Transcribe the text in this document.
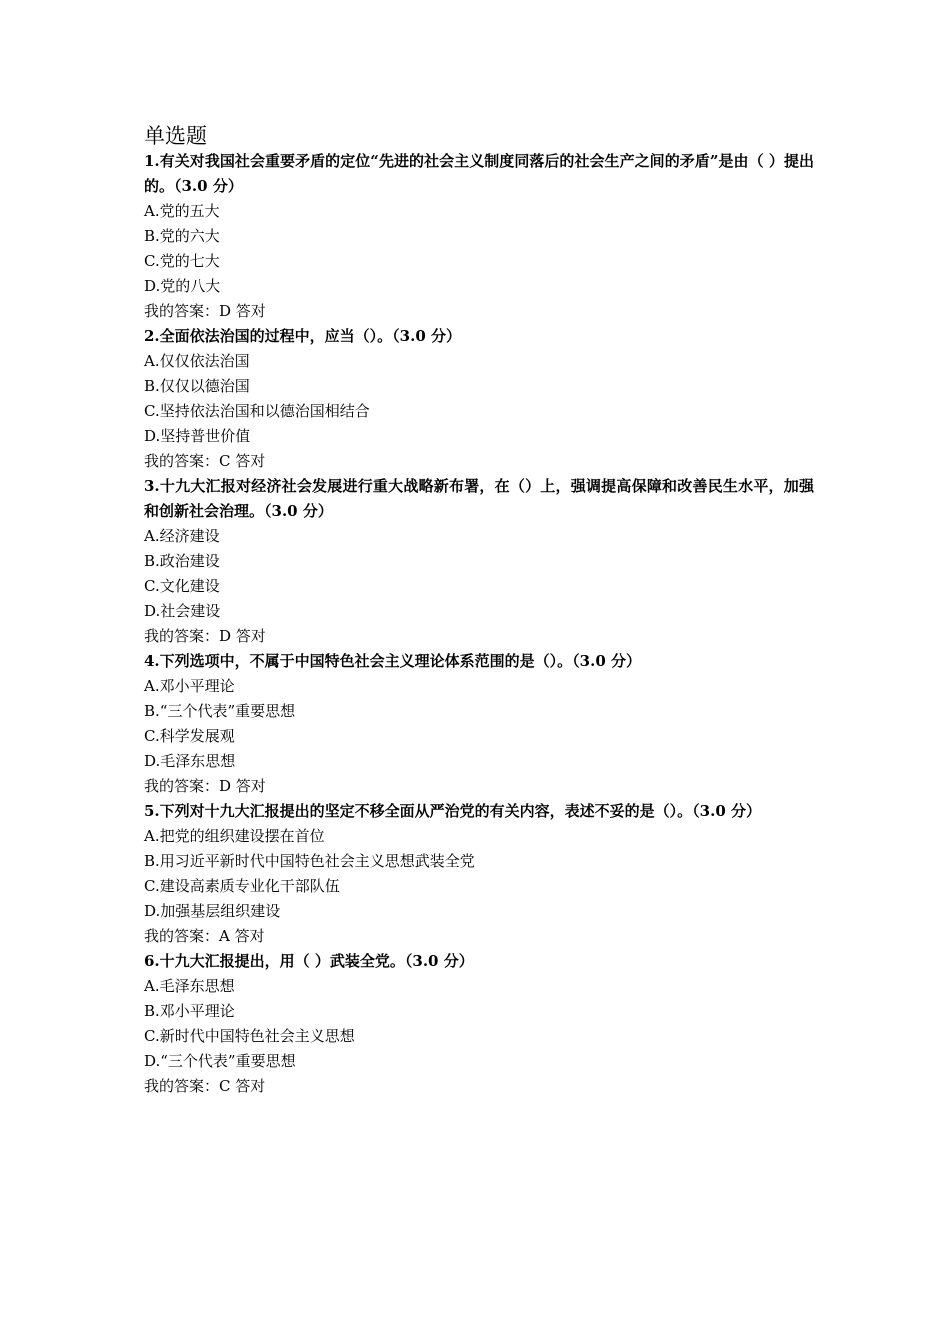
单选题

1.有关对我国社会重要矛盾的定位“先进的社会主义制度同落后的社会生产之间的矛盾”是由（ ）提出的。（3.0 分）

A.党的五大

B.党的六大

C.党的七大

D.党的八大

我的答案：D 答对

2.全面依法治国的过程中，应当（）。（3.0 分）

A.仅仅依法治国

B.仅仅以德治国

C.坚持依法治国和以德治国相结合

D.坚持普世价值

我的答案：C 答对

3.十九大汇报对经济社会发展进行重大战略新布署，在（）上，强调提高保障和改善民生水平，加强和创新社会治理。（3.0 分）

A.经济建设

B.政治建设

C.文化建设

D.社会建设

我的答案：D 答对

4.下列选项中，不属于中国特色社会主义理论体系范围的是（）。（3.0 分）

A.邓小平理论

B.“三个代表”重要思想

C.科学发展观

D.毛泽东思想

我的答案：D 答对

5.下列对十九大汇报提出的坚定不移全面从严治党的有关内容，表述不妥的是（）。（3.0 分）

A.把党的组织建设摆在首位

B.用习近平新时代中国特色社会主义思想武装全党

C.建设高素质专业化干部队伍

D.加强基层组织建设

我的答案：A 答对

6.十九大汇报提出，用（ ）武装全党。（3.0 分）

A.毛泽东思想

B.邓小平理论

C.新时代中国特色社会主义思想

D.“三个代表”重要思想

我的答案：C 答对
